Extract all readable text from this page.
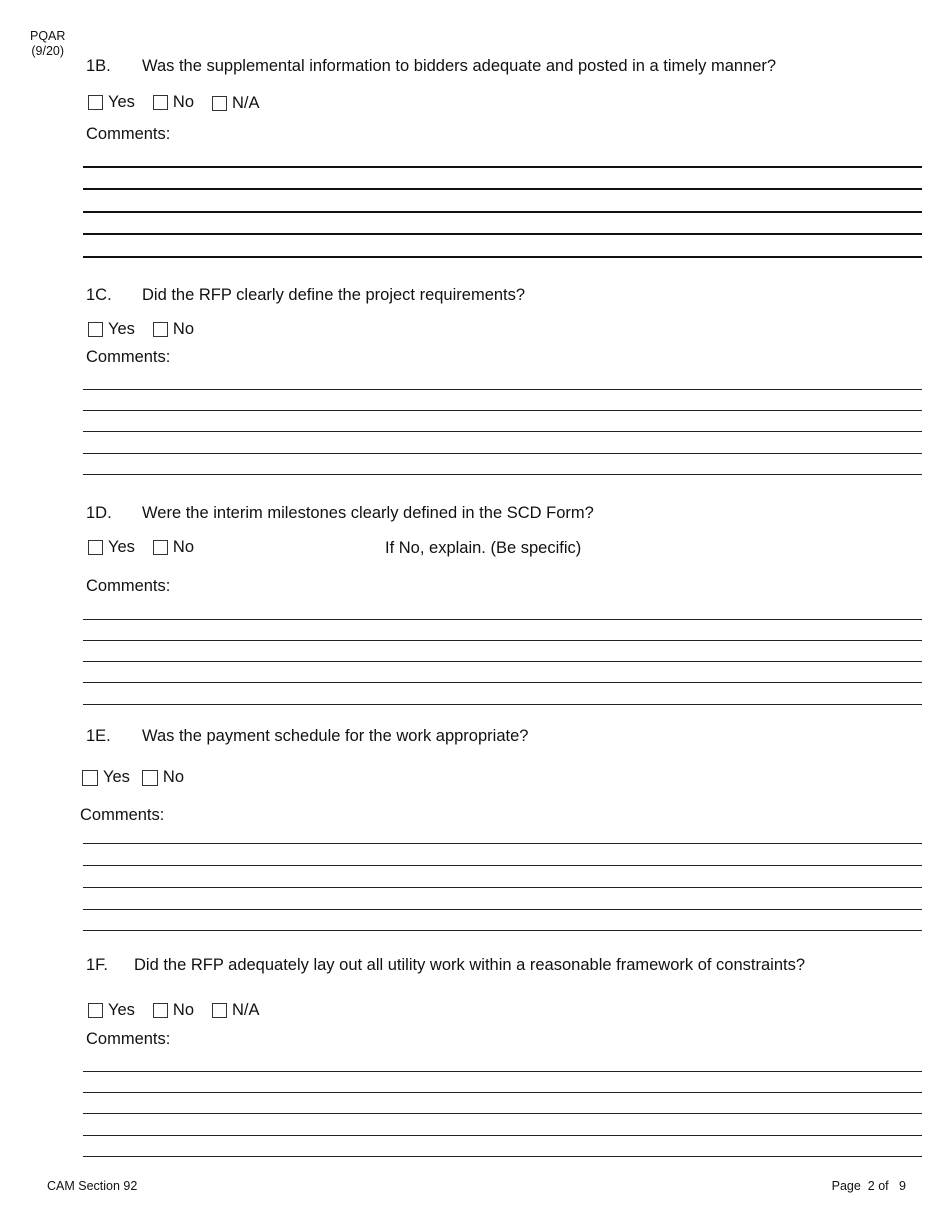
PQAR
(9/20)
1B. Was the supplemental information to bidders adequate and posted in a timely manner?
Yes No N/A
Comments:
1C. Did the RFP clearly define the project requirements?
Yes No
Comments:
1D. Were the interim milestones clearly defined in the SCD Form?
Yes No	If No, explain. (Be specific)
Comments:
1E. Was the payment schedule for the work appropriate?
Yes No
Comments:
1F. Did the RFP adequately lay out all utility work within a reasonable framework of constraints?
Yes No N/A
Comments:
CAM Section 92	Page  2 of   9
